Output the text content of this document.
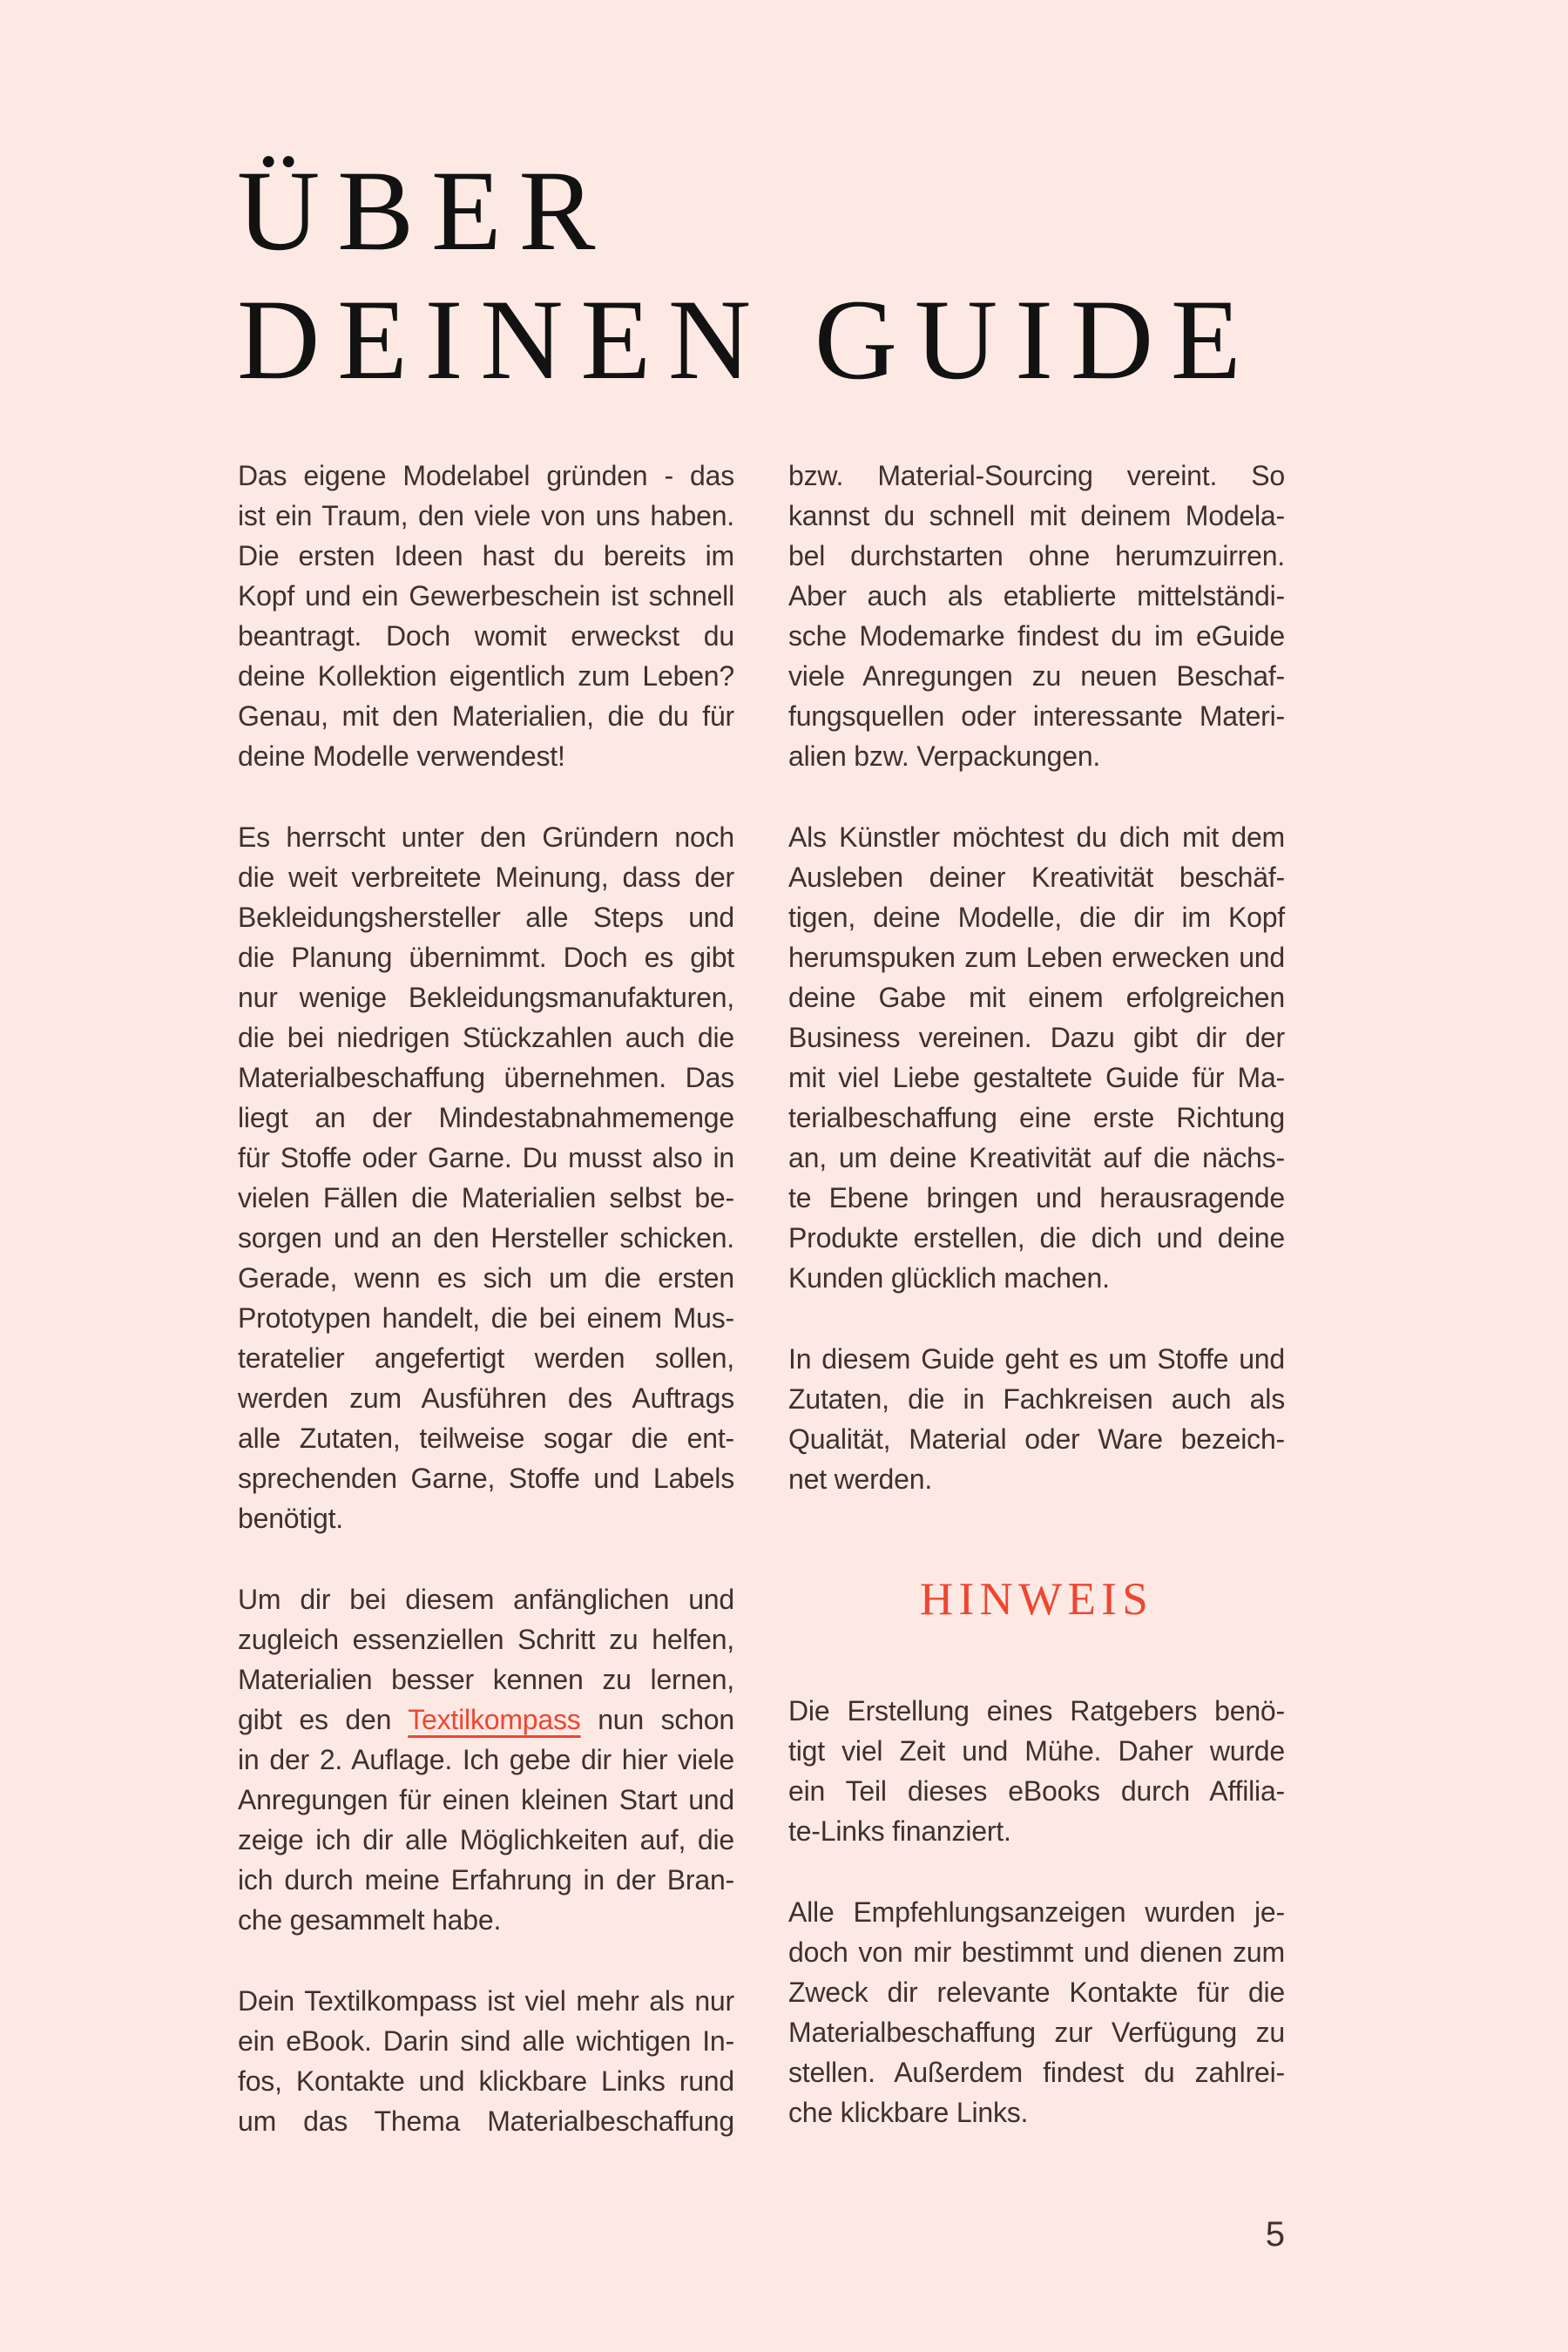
ÜBER
DEINEN GUIDE
Das eigene Modelabel gründen - das
ist ein Traum, den viele von uns haben.
Die ersten Ideen hast du bereits im
Kopf und ein Gewerbeschein ist schnell
beantragt. Doch womit erweckst du
deine Kollektion eigentlich zum Leben?
Genau, mit den Materialien, die du für
deine Modelle verwendest!
Es herrscht unter den Gründern noch
die weit verbreitete Meinung, dass der
Bekleidungshersteller alle Steps und
die Planung übernimmt. Doch es gibt
nur wenige Bekleidungsmanufakturen,
die bei niedrigen Stückzahlen auch die
Materialbeschaffung übernehmen. Das
liegt an der Mindestabnahmemenge
für Stoffe oder Garne. Du musst also in
vielen Fällen die Materialien selbst be-
sorgen und an den Hersteller schicken.
Gerade, wenn es sich um die ersten
Prototypen handelt, die bei einem Mus-
teratelier angefertigt werden sollen,
werden zum Ausführen des Auftrags
alle Zutaten, teilweise sogar die ent-
sprechenden Garne, Stoffe und Labels
benötigt.
Um dir bei diesem anfänglichen und
zugleich essenziellen Schritt zu helfen,
Materialien besser kennen zu lernen,
gibt es den Textilkompass nun schon
in der 2. Auflage. Ich gebe dir hier viele
Anregungen für einen kleinen Start und
zeige ich dir alle Möglichkeiten auf, die
ich durch meine Erfahrung in der Bran-
che gesammelt habe.
Dein Textilkompass ist viel mehr als nur
ein eBook. Darin sind alle wichtigen In-
fos, Kontakte und klickbare Links rund
um das Thema Materialbeschaffung
bzw. Material-Sourcing vereint. So
kannst du schnell mit deinem Modela-
bel durchstarten ohne herumzuirren.
Aber auch als etablierte mittelständi-
sche Modemarke findest du im eGuide
viele Anregungen zu neuen Beschaf-
fungsquellen oder interessante Materi-
alien bzw. Verpackungen.
Als Künstler möchtest du dich mit dem
Ausleben deiner Kreativität beschäf-
tigen, deine Modelle, die dir im Kopf
herumspuken zum Leben erwecken und
deine Gabe mit einem erfolgreichen
Business vereinen. Dazu gibt dir der
mit viel Liebe gestaltete Guide für Ma-
terialbeschaffung eine erste Richtung
an, um deine Kreativität auf die nächs-
te Ebene bringen und herausragende
Produkte erstellen, die dich und deine
Kunden glücklich machen.
In diesem Guide geht es um Stoffe und
Zutaten, die in Fachkreisen auch als
Qualität, Material oder Ware bezeich-
net werden.
HINWEIS
Die Erstellung eines Ratgebers benö-
tigt viel Zeit und Mühe. Daher wurde
ein Teil dieses eBooks durch Affilia-
te-Links finanziert.
Alle Empfehlungsanzeigen wurden je-
doch von mir bestimmt und dienen zum
Zweck dir relevante Kontakte für die
Materialbeschaffung zur Verfügung zu
stellen. Außerdem findest du zahlrei-
che klickbare Links.
5
